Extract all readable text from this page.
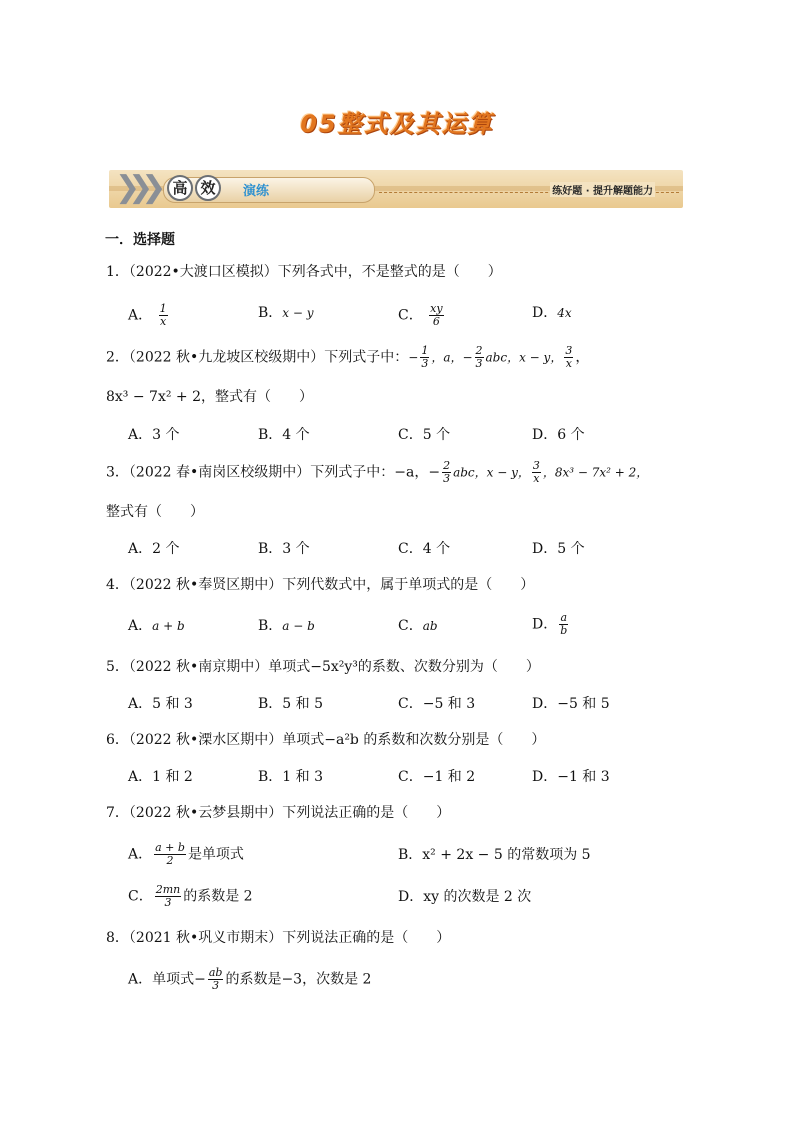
05整式及其运算
❯❯❯	高 效	演练	练好题 · 提升解题能力
一．选择题
1．（2022•大渡口区模拟）下列各式中，不是整式的是（　　）
A． $\frac{1}{x}$	B．x − y	C． $\frac{xy}{6}$	D．4x
2．（2022 秋•九龙坡区校级期中）下列式子中：− $\frac{1}{3}$ ，a，− $\frac{2}{3}$ abc，x − y， $\frac{3}{x}$ ，
8x³ − 7x² + 2，整式有（　　）
A．3 个	B．4 个	C．5 个	D．6 个
3．（2022 春•南岗区校级期中）下列式子中：−a，− $\frac{2}{3}$ abc，x − y， $\frac{3}{x}$ ，8x³ − 7x² + 2，
整式有（　　）
A．2 个	B．3 个	C．4 个	D．5 个
4．（2022 秋•奉贤区期中）下列代数式中，属于单项式的是（　　）
A．a + b	B．a − b	C．ab	D． $\frac{a}{b}$
5．（2022 秋•南京期中）单项式−5x²y³的系数、次数分别为（　　）
A．5 和 3	B．5 和 5	C．−5 和 3	D．−5 和 5
6．（2022 秋•溧水区期中）单项式−a²b 的系数和次数分别是（　　）
A．1 和 2	B．1 和 3	C．−1 和 2	D．−1 和 3
7．（2022 秋•云梦县期中）下列说法正确的是（　　）
A． $\frac{a + b}{2}$ 是单项式	B．x² + 2x − 5 的常数项为 5
C． $\frac{2mn}{3}$ 的系数是 2	D．xy 的次数是 2 次
8．（2021 秋•巩义市期末）下列说法正确的是（　　）
A．单项式− $\frac{ab}{3}$ 的系数是−3，次数是 2
